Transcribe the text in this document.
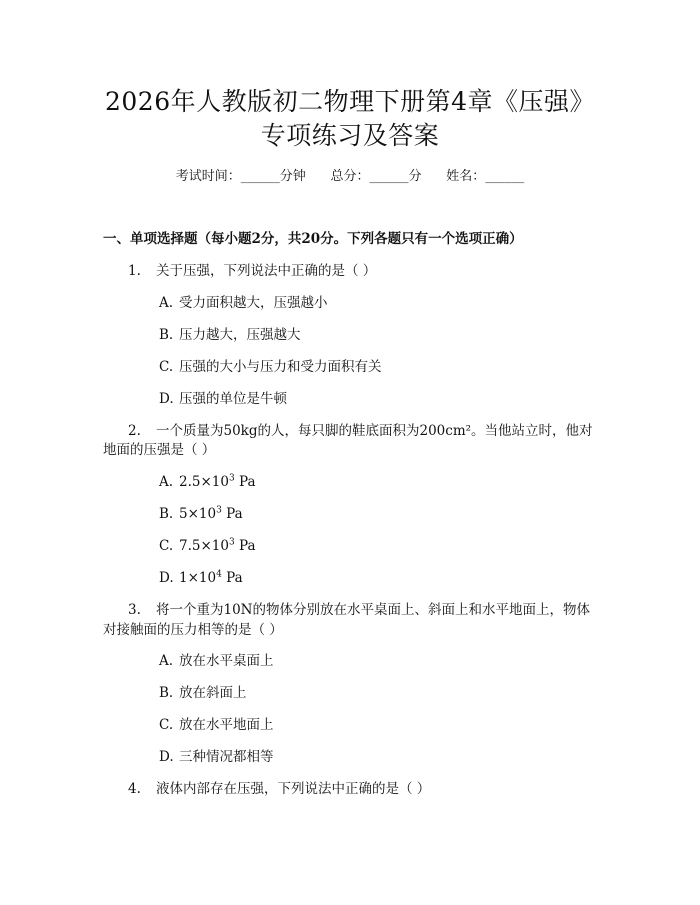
2026年人教版初二物理下册第4章《压强》
专项练习及答案
考试时间：______分钟      总分：______分      姓名：______
一、单项选择题（每小题2分，共20分。下列各题只有一个选项正确）
1. 关于压强，下列说法中正确的是（ ）
A. 受力面积越大，压强越小
B. 压力越大，压强越大
C. 压强的大小与压力和受力面积有关
D. 压强的单位是牛顿
2. 一个质量为50kg的人，每只脚的鞋底面积为200cm²。当他站立时，他对
地面的压强是（ ）
A. $2.5\times 10^3$ Pa
B. $5\times 10^3$ Pa
C. $7.5\times 10^3$ Pa
D. $1\times 10^4$ Pa
3. 将一个重为10N的物体分别放在水平桌面上、斜面上和水平地面上，物体
对接触面的压力相等的是（ ）
A. 放在水平桌面上
B. 放在斜面上
C. 放在水平地面上
D. 三种情况都相等
4. 液体内部存在压强，下列说法中正确的是（ ）
